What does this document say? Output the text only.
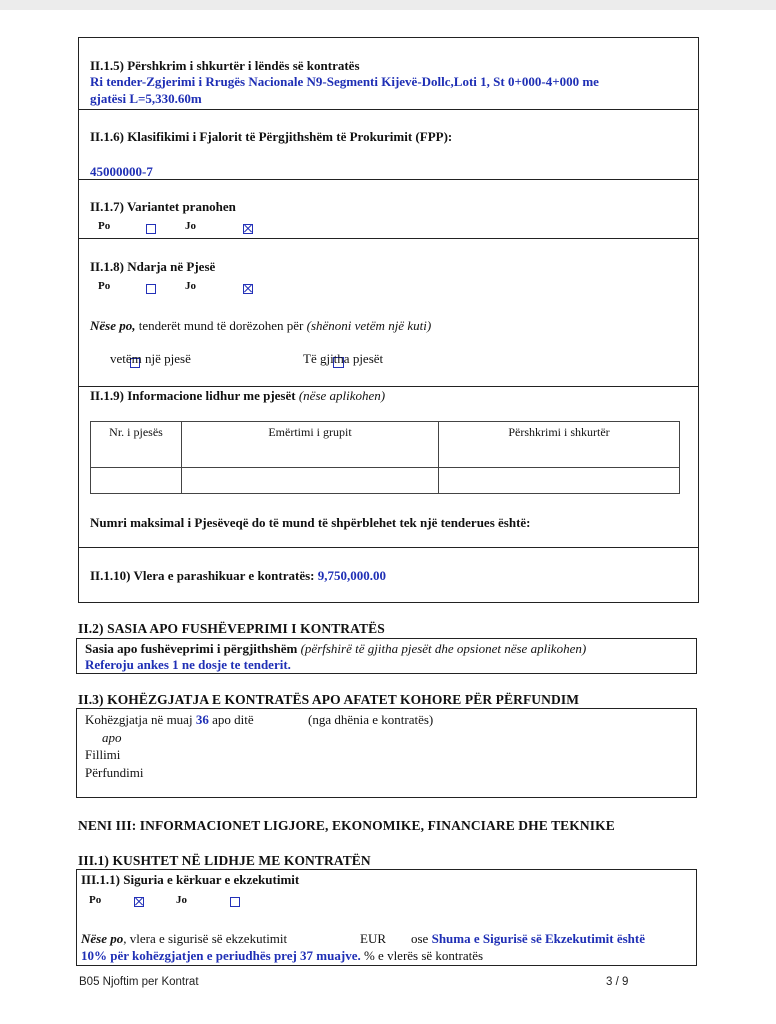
II.1.5) Përshkrim i shkurtër i lëndës së kontratës
Ri tender-Zgjerimi i Rrugës Nacionale N9-Segmenti Kijevë-Dollc,Loti 1, St 0+000-4+000 me
gjatësi L=5,330.60m
II.1.6) Klasifikimi i Fjalorit të Përgjithshëm të Prokurimit (FPP):
45000000-7
II.1.7) Variantet pranohen
Po
	Jo
II.1.8) Ndarja në Pjesë
Po
	Jo

Nëse po, tenderët mund të dorëzohen për (shënoni vetëm një kuti)

vetëm një pjesë	Të gjitha pjesët
II.1.9) Informacione lidhur me pjesët (nëse aplikohen)
Nr. i pjesës	Emërtimi i grupit	Përshkrimi i shkurtër

Numri maksimal i Pjesëveqë do të mund të shpërblehet tek një tenderues është:
II.1.10) Vlera e parashikuar e kontratës: 9,750,000.00
II.2) SASIA APO FUSHËVEPRIMI I KONTRATËS
Sasia apo fushëveprimi i përgjithshëm (përfshirë të gjitha pjesët dhe opsionet nëse aplikohen)
Referoju ankes 1 ne dosje te tenderit.
II.3) KOHËZGJATJA E KONTRATËS APO AFATET KOHORE PËR PËRFUNDIM
Kohëzgjatja në muaj 36 apo ditë	(nga dhënia e kontratës)
apo
Fillimi
Përfundimi
NENI III: INFORMACIONET LIGJORE, EKONOMIKE, FINANCIARE DHE TEKNIKE
III.1) KUSHTET NË LIDHJE ME KONTRATËN
III.1.1) Siguria e kërkuar e ekzekutimit
Po
	Jo
Nëse po, vlera e sigurisë së ekzekutimit	EUR ose Shuma e Sigurisë së Ekzekutimit është
10% për kohëzgjatjen e periudhës prej 37 muajve. % e vlerës së kontratës
B05 Njoftim per Kontrat	3 / 9
